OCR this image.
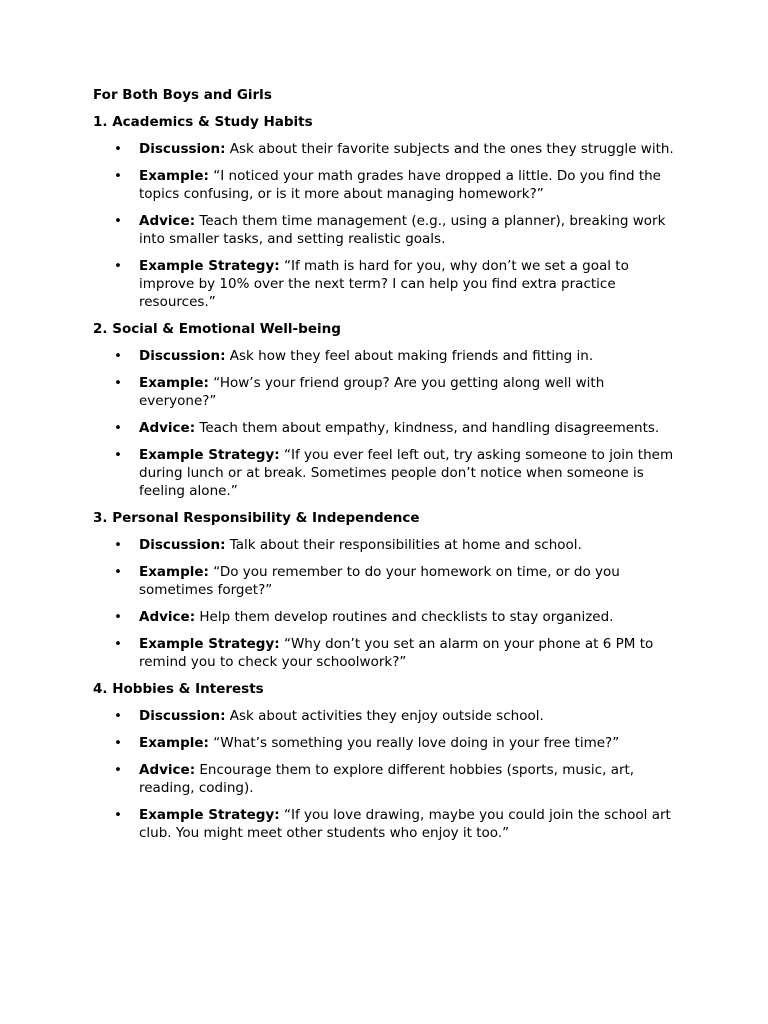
For Both Boys and Girls
1. Academics & Study Habits
• Discussion: Ask about their favorite subjects and the ones they struggle with.
• Example: “I noticed your math grades have dropped a little. Do you find the topics confusing, or is it more about managing homework?”
• Advice: Teach them time management (e.g., using a planner), breaking work into smaller tasks, and setting realistic goals.
• Example Strategy: “If math is hard for you, why don’t we set a goal to improve by 10% over the next term? I can help you find extra practice resources.”
2. Social & Emotional Well-being
• Discussion: Ask how they feel about making friends and fitting in.
• Example: “How’s your friend group? Are you getting along well with everyone?”
• Advice: Teach them about empathy, kindness, and handling disagreements.
• Example Strategy: “If you ever feel left out, try asking someone to join them during lunch or at break. Sometimes people don’t notice when someone is feeling alone.”
3. Personal Responsibility & Independence
• Discussion: Talk about their responsibilities at home and school.
• Example: “Do you remember to do your homework on time, or do you sometimes forget?”
• Advice: Help them develop routines and checklists to stay organized.
• Example Strategy: “Why don’t you set an alarm on your phone at 6 PM to remind you to check your schoolwork?”
4. Hobbies & Interests
• Discussion: Ask about activities they enjoy outside school.
• Example: “What’s something you really love doing in your free time?”
• Advice: Encourage them to explore different hobbies (sports, music, art, reading, coding).
• Example Strategy: “If you love drawing, maybe you could join the school art club. You might meet other students who enjoy it too.”
